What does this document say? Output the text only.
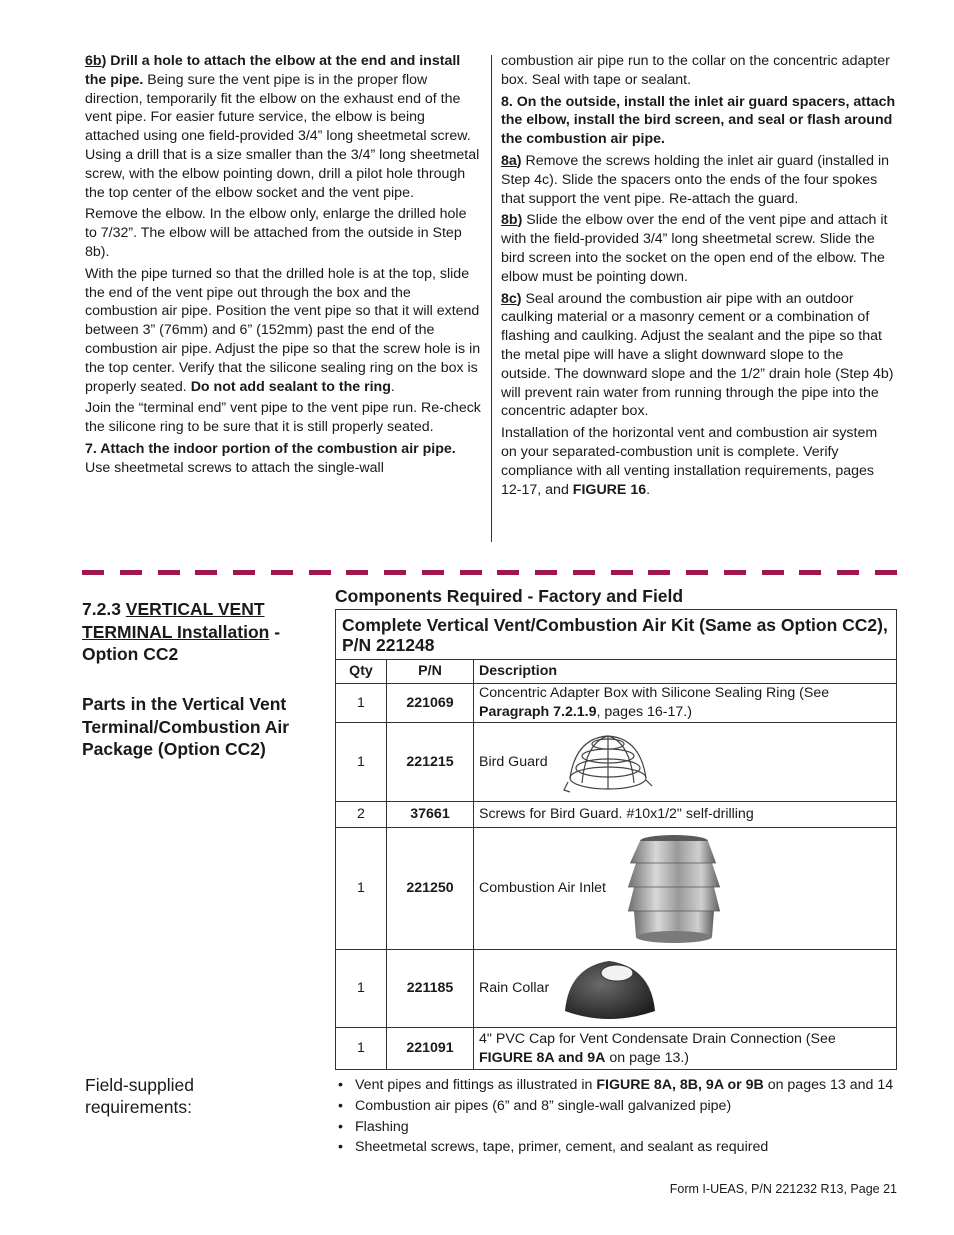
6b) Drill a hole to attach the elbow at the end and install the pipe. Being sure the vent pipe is in the proper flow direction, temporarily fit the elbow on the exhaust end of the vent pipe. For easier future service, the elbow is being attached using one field-provided 3/4” long sheetmetal screw. Using a drill that is a size smaller than the 3/4” long sheetmetal screw, with the elbow pointing down, drill a pilot hole through the top center of the elbow socket and the vent pipe.

Remove the elbow. In the elbow only, enlarge the drilled hole to 7/32”. The elbow will be attached from the outside in Step 8b).

With the pipe turned so that the drilled hole is at the top, slide the end of the vent pipe out through the box and the combustion air pipe. Position the vent pipe so that it will extend between 3” (76mm) and 6” (152mm) past the end of the combustion air pipe. Adjust the pipe so that the screw hole is in the top center. Verify that the silicone sealing ring on the box is properly seated. Do not add sealant to the ring.

Join the “terminal end” vent pipe to the vent pipe run. Re-check the silicone ring to be sure that it is still properly seated.

7. Attach the indoor portion of the combustion air pipe. Use sheetmetal screws to attach the single-wall

combustion air pipe run to the collar on the concentric adapter box. Seal with tape or sealant.

8. On the outside, install the inlet air guard spacers, attach the elbow, install the bird screen, and seal or flash around the combustion air pipe.

8a) Remove the screws holding the inlet air guard (installed in Step 4c). Slide the spacers onto the ends of the four spokes that support the vent pipe. Re-attach the guard.

8b) Slide the elbow over the end of the vent pipe and attach it with the field-provided 3/4” long sheetmetal screw. Slide the bird screen into the socket on the open end of the elbow. The elbow must be pointing down.

8c) Seal around the combustion air pipe with an outdoor caulking material or a masonry cement or a combination of flashing and caulking. Adjust the sealant and the pipe so that the metal pipe will have a slight downward slope to the outside. The downward slope and the 1/2” drain hole (Step 4b) will prevent rain water from running through the pipe into the concentric adapter box.

Installation of the horizontal vent and combustion air system on your separated-combustion unit is complete. Verify compliance with all venting installation requirements, pages 12-17, and FIGURE 16.

7.2.3 VERTICAL VENT TERMINAL Installation - Option CC2
Parts in the Vertical Vent Terminal/Combustion Air Package (Option CC2)
Components Required - Factory and Field
Complete Vertical Vent/Combustion Air Kit (Same as Option CC2), P/N 221248		
Qty	P/N	Description
1	221069	Concentric Adapter Box with Silicone Sealing Ring (See Paragraph 7.2.1.9, pages 16-17.)
1	221215	Bird Guard

2	37661	Screws for Bird Guard. #10x1/2" self-drilling
1	221250	Combustion Air Inlet

1	221185	Rain Collar

1	221091	4" PVC Cap for Vent Condensate Drain Connection (See FIGURE 8A and 9A on page 13.)
Field-supplied requirements:
• Vent pipes and fittings as illustrated in FIGURE 8A, 8B, 9A or 9B on pages 13 and 14
• Combustion air pipes (6” and 8” single-wall galvanized pipe)
• Flashing
• Sheetmetal screws, tape, primer, cement, and sealant as required
Form I-UEAS, P/N 221232 R13, Page 21
